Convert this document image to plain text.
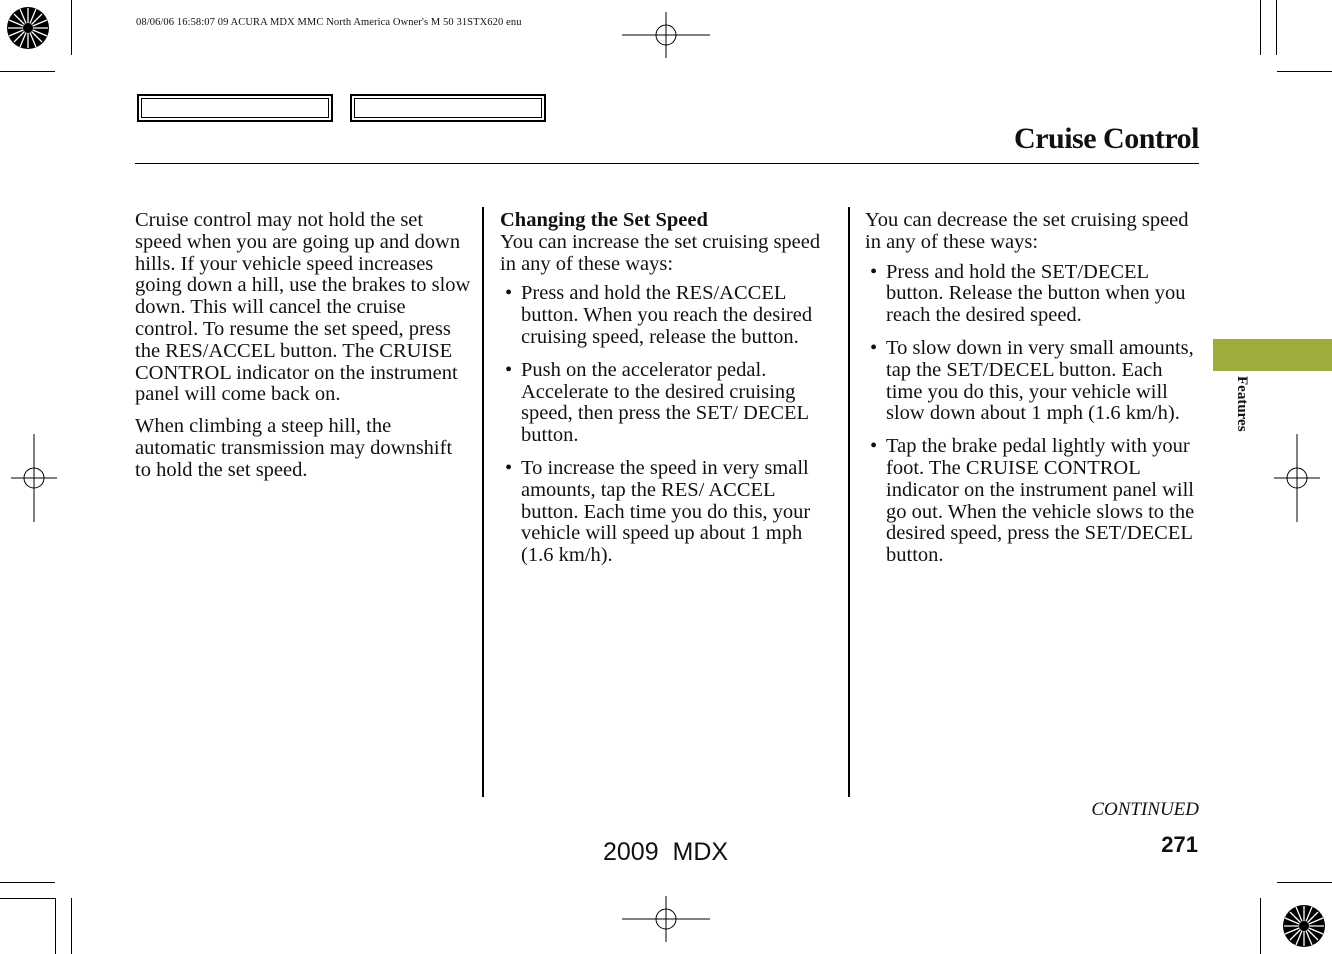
08/06/06 16:58:07 09 ACURA MDX MMC North America Owner's M 50 31STX620 enu
Cruise Control

Cruise control may not hold the set speed when you are going up and down hills. If your vehicle speed increases going down a hill, use the brakes to slow down. This will cancel the cruise control. To resume the set speed, press the RES/ACCEL button. The CRUISE CONTROL indicator on the instrument panel will come back on.

When climbing a steep hill, the automatic transmission may downshift to hold the set speed.

Changing the Set Speed

You can increase the set cruising speed in any of these ways:

• Press and hold the RES/ACCEL button. When you reach the desired cruising speed, release the button.
• Push on the accelerator pedal. Accelerate to the desired cruising speed, then press the SET/ DECEL button.
• To increase the speed in very small amounts, tap the RES/ ACCEL button. Each time you do this, your vehicle will speed up about 1 mph (1.6 km/h).

You can decrease the set cruising speed in any of these ways:

• Press and hold the SET/DECEL button. Release the button when you reach the desired speed.
• To slow down in very small amounts, tap the SET/DECEL button. Each time you do this, your vehicle will slow down about 1 mph (1.6 km/h).
• Tap the brake pedal lightly with your foot. The CRUISE CONTROL indicator on the instrument panel will go out. When the vehicle slows to the desired speed, press the SET/DECEL button.
Features
CONTINUED
271
2009  MDX
